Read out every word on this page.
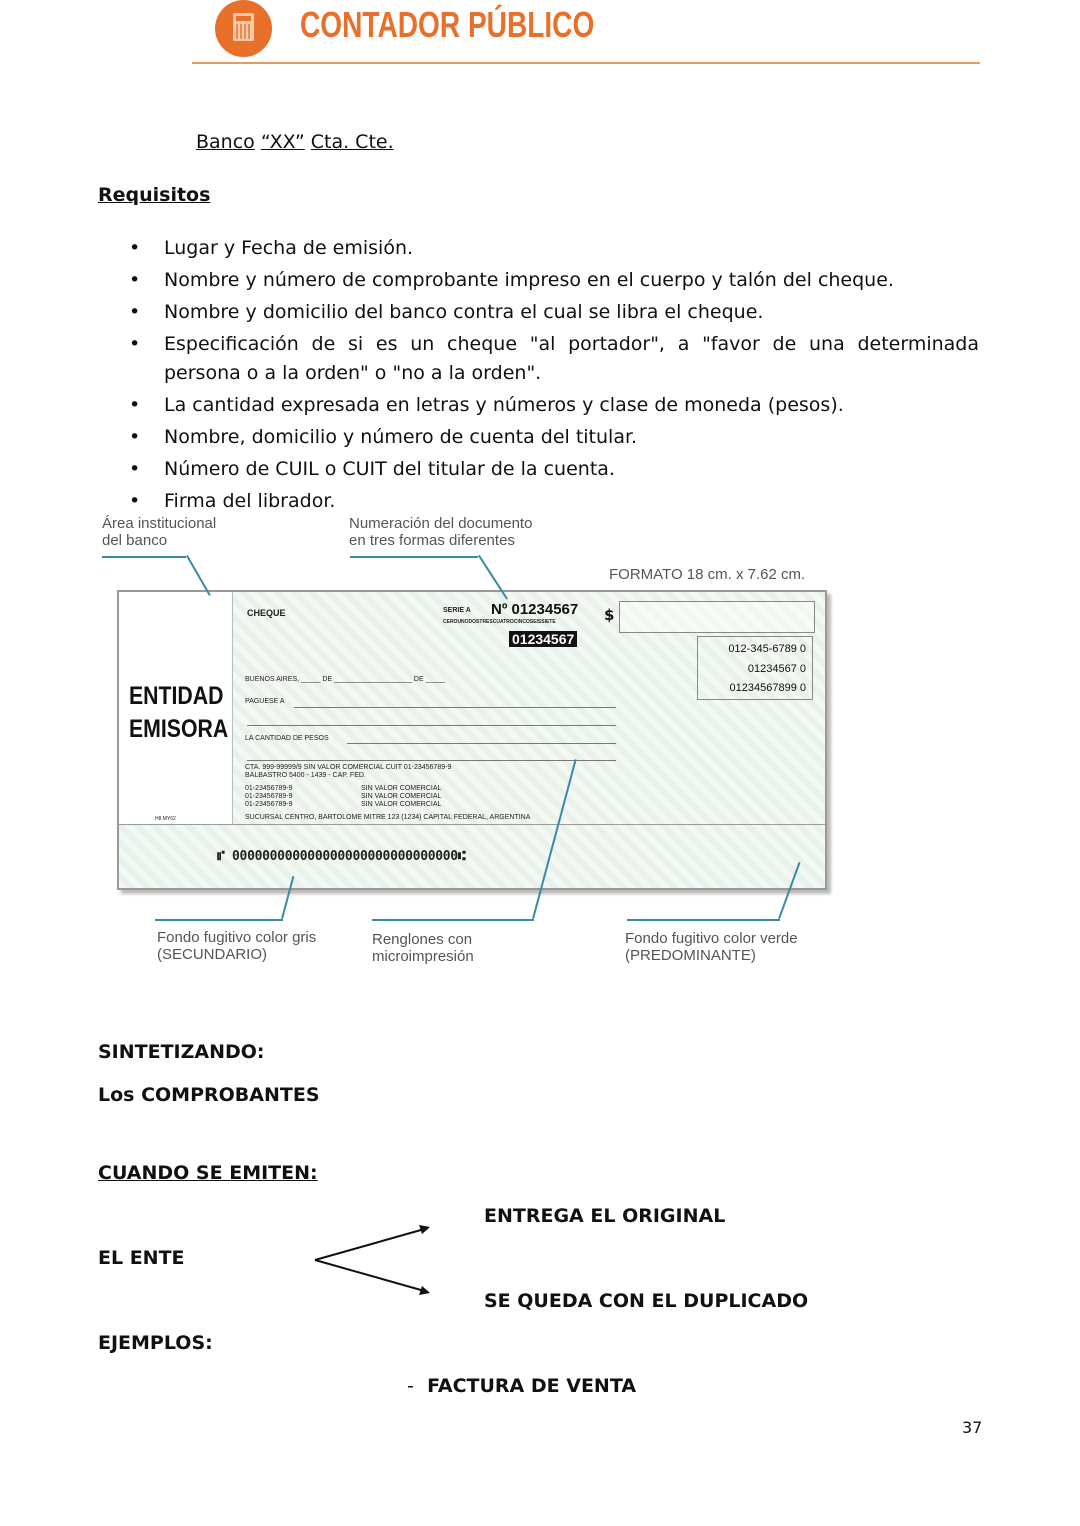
CONTADOR PÚBLICO
Banco “XX” Cta. Cte.
Requisitos
• Lugar y Fecha de emisión.
• Nombre y número de comprobante impreso en el cuerpo y talón del cheque.
• Nombre y domicilio del banco contra el cual se libra el cheque.
• Especificación de si es un cheque "al portador", a "favor de una determinada persona o a la orden" o "no a la orden".
• La cantidad expresada en letras y números y clase de moneda (pesos).
• Nombre, domicilio y número de cuenta del titular.
• Número de CUIL o CUIT del titular de la cuenta.
• Firma del librador.
Área institucional
del banco
Numeración del documento
en tres formas diferentes
FORMATO 18 cm. x 7.62 cm.
Fondo fugitivo color gris
(SECUNDARIO)
Renglones con
microimpresión
Fondo fugitivo color verde
(PREDOMINANTE)
ENTIDAD
EMISORA
H8 MY62
CHEQUE	SERIE A Nº 01234567
CEROUNODOSTRESCUATROCINCOSEISSIETE
01234567
$
012-345-6789 0
01234567 0
01234567899 0
BUENOS AIRES, _____ DE ____________________ DE _____
PAGUESE A
LA CANTIDAD DE PESOS
CTA. 999-99999/9 SIN VALOR COMERCIAL CUIT 01-23456789-9
BALBASTRO 5400 - 1439 - CAP. FED.
01-23456789-9
01-23456789-9
01-23456789-9
SIN VALOR COMERCIAL
SIN VALOR COMERCIAL
SIN VALOR COMERCIAL
SUCURSAL CENTRO, BARTOLOME MITRE 123 (1234) CAPITAL FEDERAL, ARGENTINA
⑈ 000000000000000000000000000000⑆
SINTETIZANDO:
Los COMPROBANTES
CUANDO SE EMITEN:
ENTREGA EL ORIGINAL
EL ENTE
SE QUEDA CON EL DUPLICADO
EJEMPLOS:
- FACTURA DE VENTA
37
